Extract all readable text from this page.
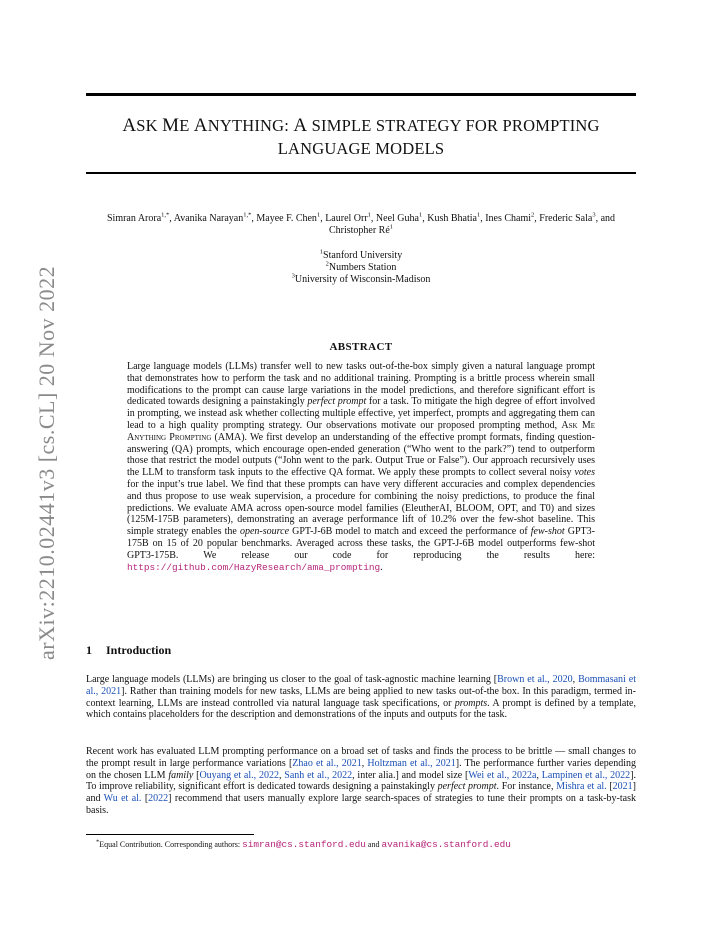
arXiv:2210.02441v3 [cs.CL] 20 Nov 2022
ASK ME ANYTHING: A SIMPLE STRATEGY FOR PROMPTING
LANGUAGE MODELS

Simran Arora$^{1,*}$, Avanika Narayan$^{1,*}$, Mayee F. Chen$^1$, Laurel Orr$^1$, Neel Guha$^1$, Kush Bhatia$^1$, Ines Chami$^2$, Frederic Sala$^3$, and Christopher $Ré^1$

$^1$Stanford University
$^2$Numbers Station
$^3$University of Wisconsin-Madison

ABSTRACT

Large language models (LLMs) transfer well to new tasks out-of-the-box simply given a natural language prompt that demonstrates how to perform the task and no additional training. Prompting is a brittle process wherein small modifications to the prompt can cause large variations in the model predictions, and therefore significant effort is dedicated towards designing a painstakingly perfect prompt for a task. To mitigate the high degree of effort involved in prompting, we instead ask whether collecting multiple effective, yet imperfect, prompts and aggregating them can lead to a high quality prompting strategy. Our observations motivate our proposed prompting method, Ask Me Anything Prompting (AMA). We first develop an understanding of the effective prompt formats, finding question-answering (QA) prompts, which encourage open-ended generation (“Who went to the park?”) tend to outperform those that restrict the model outputs (“John went to the park. Output True or False”). Our approach recursively uses the LLM to transform task inputs to the effective QA format. We apply these prompts to collect several noisy votes for the input’s true label. We find that these prompts can have very different accuracies and complex dependencies and thus propose to use weak supervision, a procedure for combining the noisy predictions, to produce the final predictions. We evaluate AMA across open-source model families (EleutherAI, BLOOM, OPT, and T0) and sizes (125M-175B parameters), demonstrating an average performance lift of 10.2% over the few-shot baseline. This simple strategy enables the open-source GPT-J-6B model to match and exceed the performance of few-shot GPT3-175B on 15 of 20 popular benchmarks. Averaged across these tasks, the GPT-J-6B model outperforms few-shot GPT3-175B. We release our code for reproducing the results here: https://github.com/HazyResearch/ama_prompting.

1 Introduction

Large language models (LLMs) are bringing us closer to the goal of task-agnostic machine learning [Brown et al., 2020, Bommasani et al., 2021]. Rather than training models for new tasks, LLMs are being applied to new tasks out-of-the box. In this paradigm, termed in-context learning, LLMs are instead controlled via natural language task specifications, or prompts. A prompt is defined by a template, which contains placeholders for the description and demonstrations of the inputs and outputs for the task.

Recent work has evaluated LLM prompting performance on a broad set of tasks and finds the process to be brittle — small changes to the prompt result in large performance variations [Zhao et al., 2021, Holtzman et al., 2021]. The performance further varies depending on the chosen LLM family [Ouyang et al., 2022, Sanh et al., 2022, inter alia.] and model size [Wei et al., 2022a, Lampinen et al., 2022]. To improve reliability, significant effort is dedicated towards designing a painstakingly perfect prompt. For instance, Mishra et al. [2021] and Wu et al. [2022] recommend that users manually explore large search-spaces of strategies to tune their prompts on a task-by-task basis.

*Equal Contribution. Corresponding authors: simran@cs.stanford.edu and avanika@cs.stanford.edu
